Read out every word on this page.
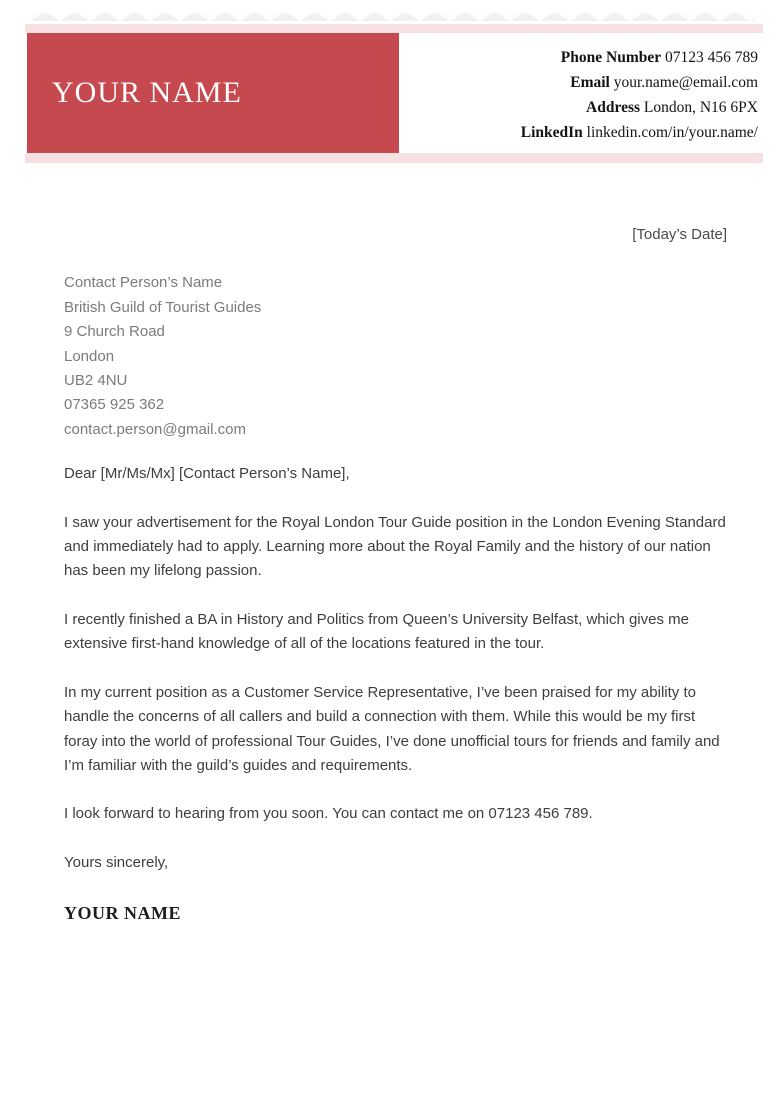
YOUR NAME
Phone Number 07123 456 789
Email your.name@email.com
Address London, N16 6PX
LinkedIn linkedin.com/in/your.name/
[Today’s Date]
Contact Person’s Name
British Guild of Tourist Guides
9 Church Road
London
UB2 4NU
07365 925 362
contact.person@gmail.com

Dear [Mr/Ms/Mx] [Contact Person’s Name],

I saw your advertisement for the Royal London Tour Guide position in the London Evening Standard and immediately had to apply. Learning more about the Royal Family and the history of our nation has been my lifelong passion.

I recently finished a BA in History and Politics from Queen’s University Belfast, which gives me extensive first-hand knowledge of all of the locations featured in the tour.

In my current position as a Customer Service Representative, I’ve been praised for my ability to handle the concerns of all callers and build a connection with them. While this would be my first foray into the world of professional Tour Guides, I’ve done unofficial tours for friends and family and I’m familiar with the guild’s guides and requirements.

I look forward to hearing from you soon. You can contact me on 07123 456 789.

Yours sincerely,

YOUR NAME
